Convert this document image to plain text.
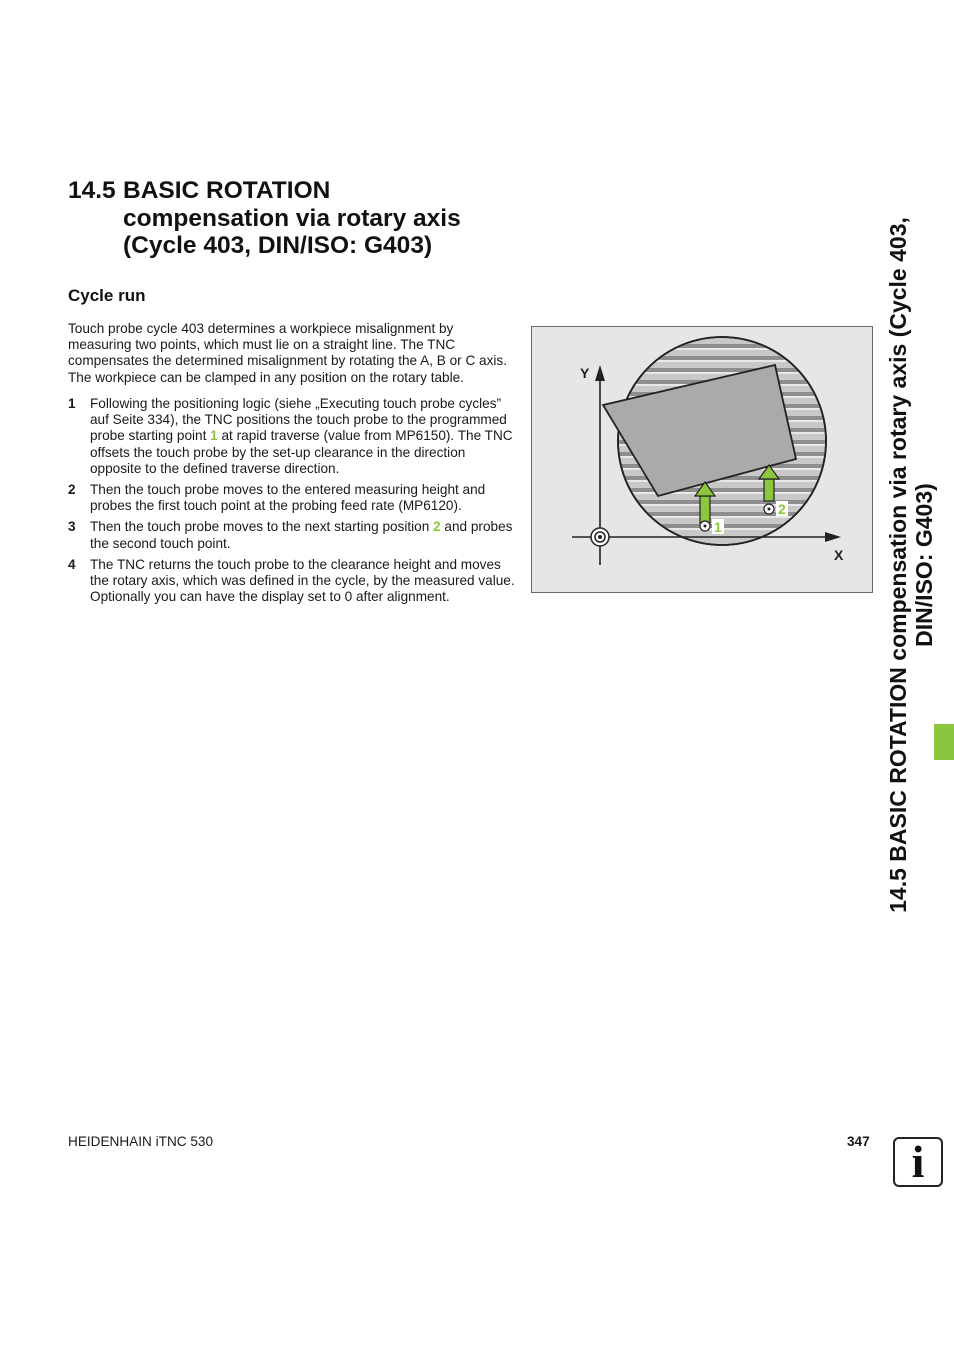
14.5 BASIC ROTATION
compensation via rotary axis
(Cycle 403, DIN/ISO: G403)
Cycle run

Touch probe cycle 403 determines a workpiece misalignment by measuring two points, which must lie on a straight line. The TNC compensates the determined misalignment by rotating the A, B or C axis. The workpiece can be clamped in any position on the rotary table.

1 Following the positioning logic (siehe „Executing touch probe cycles” auf Seite 334), the TNC positions the touch probe to the programmed probe starting point 1 at rapid traverse (value from MP6150). The TNC offsets the touch probe by the set-up clearance in the direction opposite to the defined traverse direction.
2 Then the touch probe moves to the entered measuring height and probes the first touch point at the probing feed rate (MP6120).
3 Then the touch probe moves to the next starting position 2 and probes the second touch point.
4 The TNC returns the touch probe to the clearance height and moves the rotary axis, which was defined in the cycle, by the measured value. Optionally you can have the display set to 0 after alignment.
1
2
Y
X 14.5 BASIC ROTATION compensation via rotary axis (Cycle 403,
DIN/ISO: G403)
HEIDENHAIN iTNC 530	347 i
